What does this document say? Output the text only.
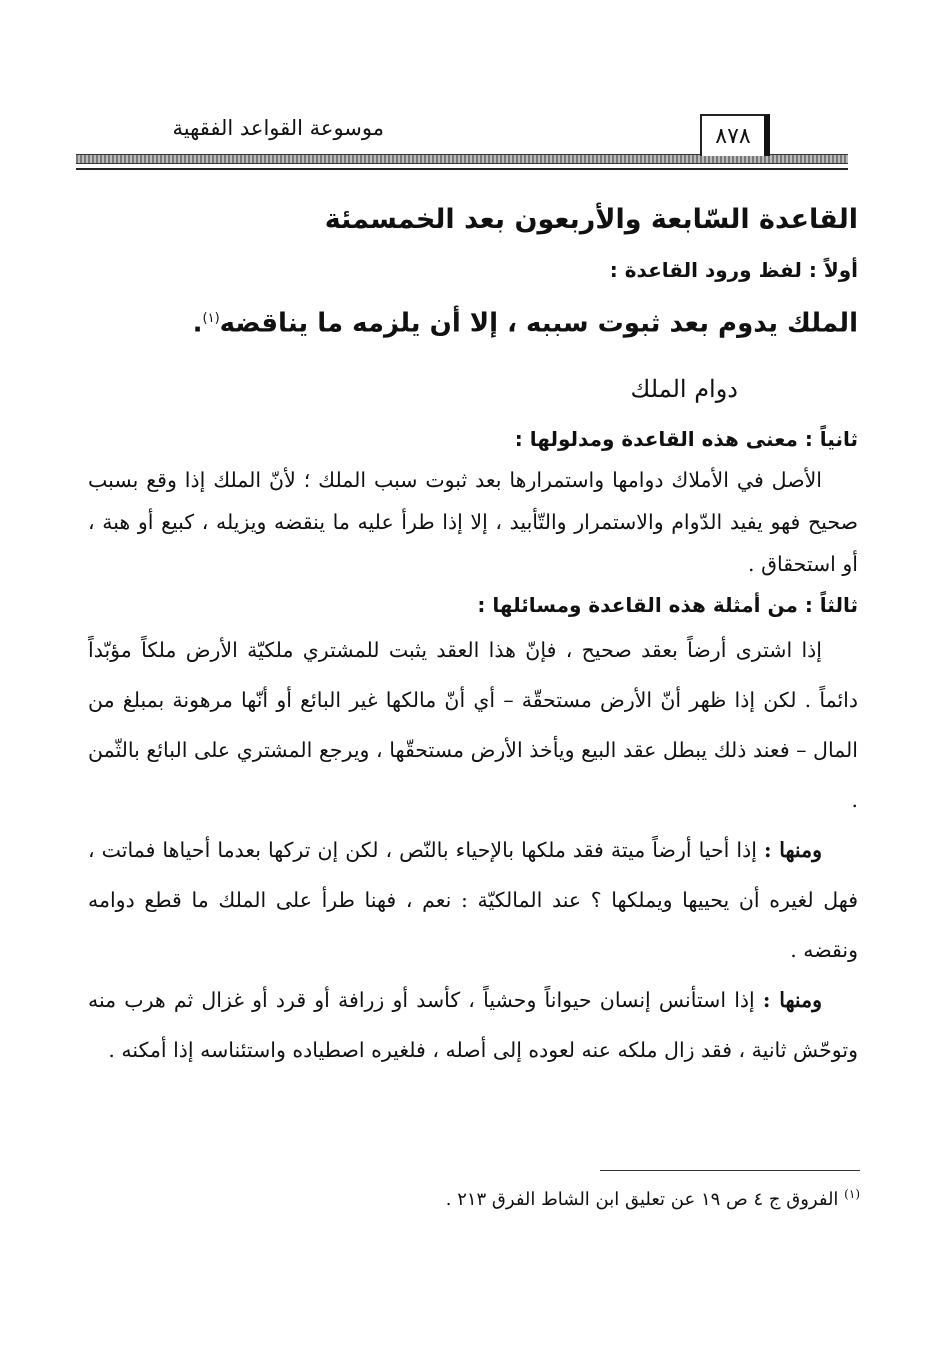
موسوعة القواعد الفقهية	٨٧٨
القاعدة السّابعة والأربعون بعد الخمسمئة
أولاً : لفظ ورود القاعدة :
الملك يدوم بعد ثبوت سببه ، إلا أن يلزمه ما يناقضه$^{(١)}$.
دوام الملك
ثانياً : معنى هذه القاعدة ومدلولها :

الأصل في الأملاك دوامها واستمرارها بعد ثبوت سبب الملك ؛ لأنّ الملك إذا وقع بسبب صحيح فهو يفيد الدّوام والاستمرار والتّأبيد ، إلا إذا طرأ عليه ما ينقضه ويزيله ، كبيع أو هبة ، أو استحقاق .

ثالثاً : من أمثلة هذه القاعدة ومسائلها :

إذا اشترى أرضاً بعقد صحيح ، فإنّ هذا العقد يثبت للمشتري ملكيّة الأرض ملكاً مؤبّداً دائماً . لكن إذا ظهر أنّ الأرض مستحقّة – أي أنّ مالكها غير البائع أو أنّها مرهونة بمبلغ من المال – فعند ذلك يبطل عقد البيع ويأخذ الأرض مستحقّها ، ويرجع المشتري على البائع بالثّمن .

ومنها : إذا أحيا أرضاً ميتة فقد ملكها بالإحياء بالنّص ، لكن إن تركها بعدما أحياها فماتت ، فهل لغيره أن يحييها ويملكها ؟ عند المالكيّة : نعم ، فهنا طرأ على الملك ما قطع دوامه ونقضه .

ومنها : إذا استأنس إنسان حيواناً وحشياً ، كأسد أو زرافة أو قرد أو غزال ثم هرب منه وتوحّش ثانية ، فقد زال ملكه عنه لعوده إلى أصله ، فلغيره اصطياده واستئناسه إذا أمكنه .

$^{(١)}$ الفروق ج ٤ ص ١٩ عن تعليق ابن الشاط الفرق ٢١٣ .
